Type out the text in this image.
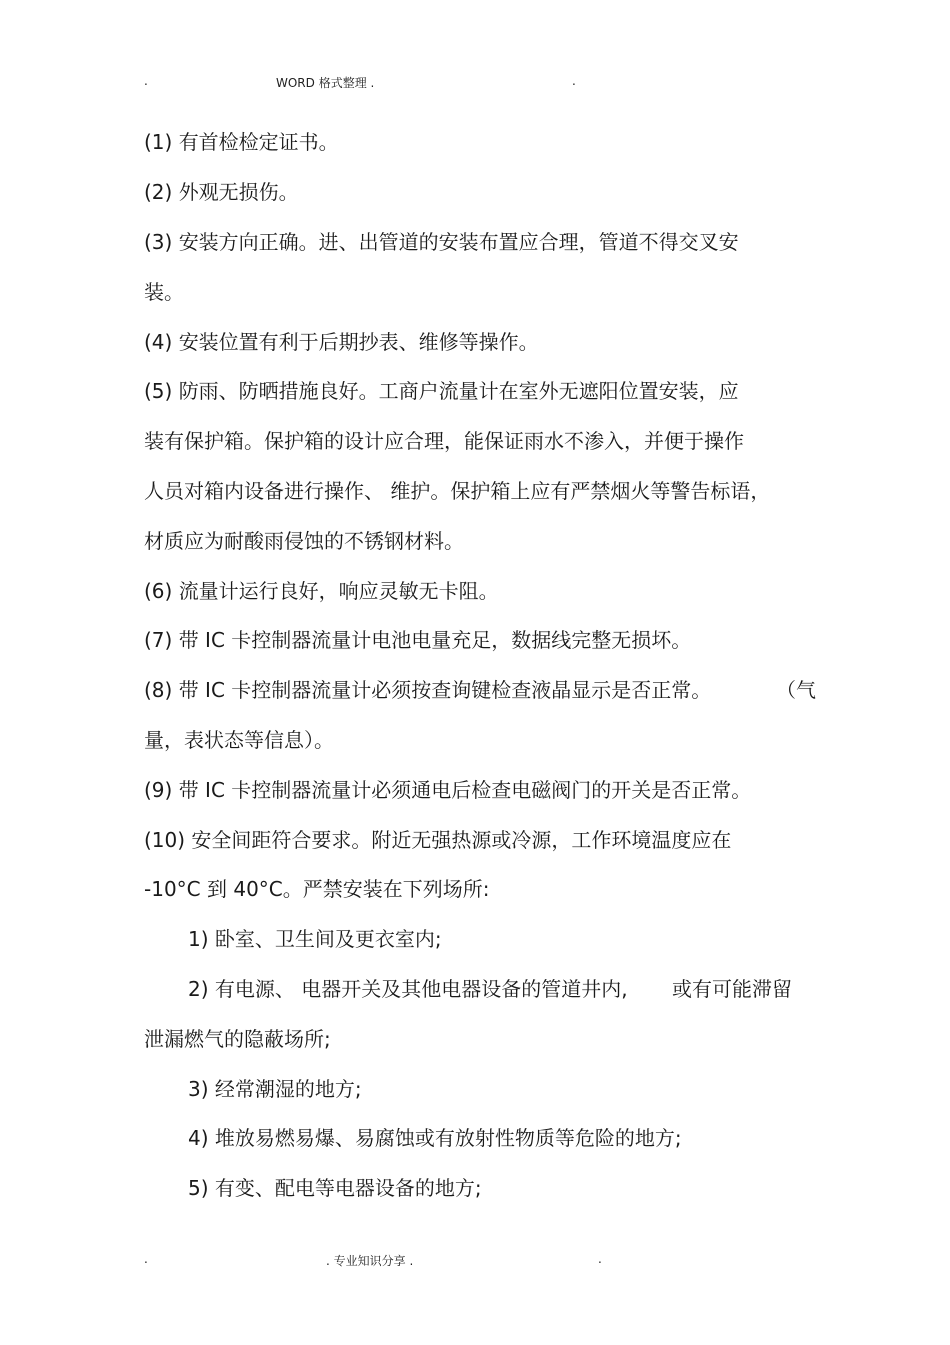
.	WORD 格式整理 .	.
(1) 有首检检定证书。
(2) 外观无损伤。
(3) 安装方向正确。进、出管道的安装布置应合理，管道不得交叉安
装。
(4) 安装位置有利于后期抄表、维修等操作。
(5) 防雨、防晒措施良好。工商户流量计在室外无遮阳位置安装，应
装有保护箱。保护箱的设计应合理，能保证雨水不渗入，并便于操作
人员对箱内设备进行操作、 维护。保护箱上应有严禁烟火等警告标语，
材质应为耐酸雨侵蚀的不锈钢材料。
(6) 流量计运行良好，响应灵敏无卡阻。
(7) 带 IC 卡控制器流量计电池电量充足，数据线完整无损坏。
(8) 带 IC 卡控制器流量计必须按查询键检查液晶显示是否正常。	（气
量，表状态等信息）。
(9) 带 IC 卡控制器流量计必须通电后检查电磁阀门的开关是否正常。
(10) 安全间距符合要求。附近无强热源或冷源，工作环境温度应在
-10°C 到 40°C。严禁安装在下列场所:
1) 卧室、卫生间及更衣室内;
2) 有电源、 电器开关及其他电器设备的管道井内, 或有可能滞留
泄漏燃气的隐蔽场所;
3) 经常潮湿的地方;
4) 堆放易燃易爆、易腐蚀或有放射性物质等危险的地方;
5) 有变、配电等电器设备的地方;
.	. 专业知识分享 .	.
